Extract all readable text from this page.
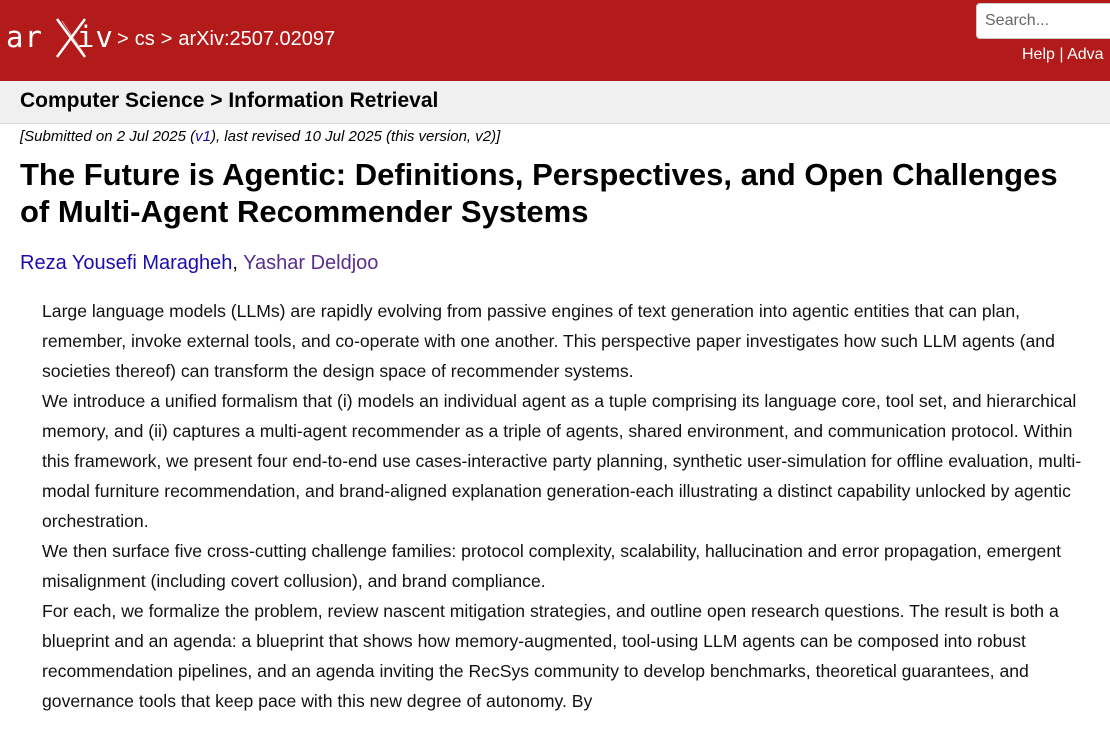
ar iv > cs > arXiv:2507.02097
Search...
Help | Adva
Computer Science > Information Retrieval
[Submitted on 2 Jul 2025 (v1), last revised 10 Jul 2025 (this version, v2)]
The Future is Agentic: Definitions, Perspectives, and Open Challenges of Multi-Agent Recommender Systems
Reza Yousefi Maragheh, Yashar Deldjoo

Large language models (LLMs) are rapidly evolving from passive engines of text generation into agentic entities that can plan, remember, invoke external tools, and co-operate with one another. This perspective paper investigates how such LLM agents (and societies thereof) can transform the design space of recommender systems.

We introduce a unified formalism that (i) models an individual agent as a tuple comprising its language core, tool set, and hierarchical memory, and (ii) captures a multi-agent recommender as a triple of agents, shared environment, and communication protocol. Within this framework, we present four end-to-end use cases-interactive party planning, synthetic user-simulation for offline evaluation, multi-modal furniture recommendation, and brand-aligned explanation generation-each illustrating a distinct capability unlocked by agentic orchestration.

We then surface five cross-cutting challenge families: protocol complexity, scalability, hallucination and error propagation, emergent misalignment (including covert collusion), and brand compliance.

For each, we formalize the problem, review nascent mitigation strategies, and outline open research questions. The result is both a blueprint and an agenda: a blueprint that shows how memory-augmented, tool-using LLM agents can be composed into robust recommendation pipelines, and an agenda inviting the RecSys community to develop benchmarks, theoretical guarantees, and governance tools that keep pace with this new degree of autonomy. By
